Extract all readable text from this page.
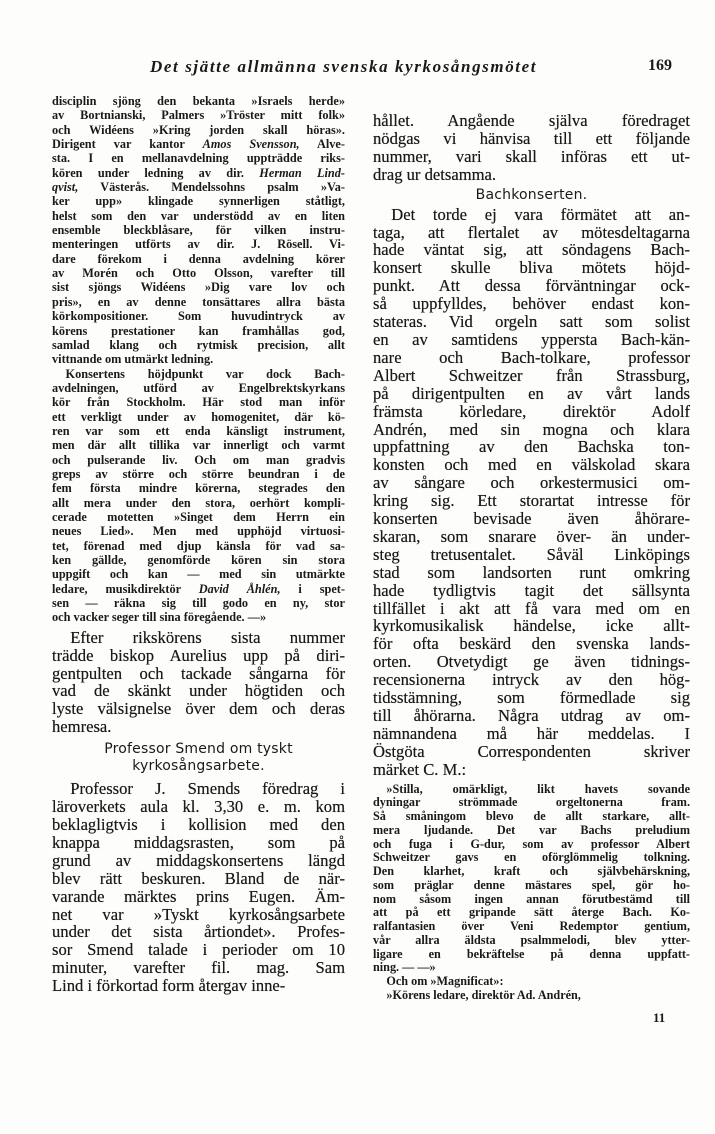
Det sjätte allmänna svenska kyrkosångsmötet	169
disciplin sjöng den bekanta »Israels herde»
av Bortnianski, Palmers »Tröster mitt folk»
och Widéens »Kring jorden skall höras».
Dirigent var kantor Amos Svensson, Alve-
sta. I en mellanavdelning uppträdde riks-
kören under ledning av dir. Herman Lind-
qvist, Västerås. Mendelssohns psalm »Va-
ker upp» klingade synnerligen ståtligt,
helst som den var understödd av en liten
ensemble bleckblåsare, för vilken instru-
menteringen utförts av dir. J. Rösell. Vi-
dare förekom i denna avdelning körer
av Morén och Otto Olsson, varefter till
sist sjöngs Widéens »Dig vare lov och
pris», en av denne tonsättares allra bästa
körkompositioner. Som huvudintryck av
körens prestationer kan framhållas god,
samlad klang och rytmisk precision, allt
vittnande om utmärkt ledning.
Konsertens höjdpunkt var dock Bach-
avdelningen, utförd av Engelbrektskyrkans
kör från Stockholm. Här stod man inför
ett verkligt under av homogenitet, där kö-
ren var som ett enda känsligt instrument,
men där allt tillika var innerligt och varmt
och pulserande liv. Och om man gradvis
greps av större och större beundran i de
fem första mindre körerna, stegrades den
allt mera under den stora, oerhört kompli-
cerade motetten »Singet dem Herrn ein
neues Lied». Men med upphöjd virtuosi-
tet, förenad med djup känsla för vad sa-
ken gällde, genomförde kören sin stora
uppgift och kan — med sin utmärkte
ledare, musikdirektör David Åhlén, i spet-
sen — räkna sig till godo en ny, stor
och vacker seger till sina föregående. —»
Efter rikskörens sista nummer
trädde biskop Aurelius upp på diri-
gentpulten och tackade sångarna för
vad de skänkt under högtiden och
lyste välsignelse över dem och deras
hemresa.
Professor Smend om tyskt
kyrkosångsarbete.
Professor J. Smends föredrag i
läroverkets aula kl. 3,30 e. m. kom
beklagligtvis i kollision med den
knappa middagsrasten, som på
grund av middagskonsertens längd
blev rätt beskuren. Bland de när-
varande märktes prins Eugen. Äm-
net var »Tyskt kyrkosångsarbete
under det sista årtiondet». Profes-
sor Smend talade i perioder om 10
minuter, varefter fil. mag. Sam
Lind i förkortad form återgav inne-
hållet. Angående själva föredraget
nödgas vi hänvisa till ett följande
nummer, vari skall införas ett ut-
drag ur detsamma.
Bachkonserten.
Det torde ej vara förmätet att an-
taga, att flertalet av mötesdeltagarna
hade väntat sig, att söndagens Bach-
konsert skulle bliva mötets höjd-
punkt. Att dessa förväntningar ock-
så uppfylldes, behöver endast kon-
stateras. Vid orgeln satt som solist
en av samtidens yppersta Bach-kän-
nare och Bach-tolkare, professor
Albert Schweitzer från Strassburg,
på dirigentpulten en av vårt lands
främsta körledare, direktör Adolf
Andrén, med sin mogna och klara
uppfattning av den Bachska ton-
konsten och med en välskolad skara
av sångare och orkestermusici om-
kring sig. Ett storartat intresse för
konserten bevisade även åhörare-
skaran, som snarare över- än under-
steg tretusentalet. Såväl Linköpings
stad som landsorten runt omkring
hade tydligtvis tagit det sällsynta
tillfället i akt att få vara med om en
kyrkomusikalisk händelse, icke allt-
för ofta beskärd den svenska lands-
orten. Otvetydigt ge även tidnings-
recensionerna intryck av den hög-
tidsstämning, som förmedlade sig
till åhörarna. Några utdrag av om-
nämnandena må här meddelas. I
Östgöta Correspondenten skriver
märket C. M.:
»Stilla, omärkligt, likt havets sovande
dyningar strömmade orgeltonerna fram.
Så småningom blevo de allt starkare, allt-
mera ljudande. Det var Bachs preludium
och fuga i G-dur, som av professor Albert
Schweitzer gavs en oförglömmelig tolkning.
Den klarhet, kraft och självbehärskning,
som präglar denne mästares spel, gör ho-
nom såsom ingen annan förutbestämd till
att på ett gripande sätt återge Bach. Ko-
ralfantasien över Veni Redemptor gentium,
vår allra äldsta psalmmelodi, blev ytter-
ligare en bekräftelse på denna uppfatt-
ning. — —»
Och om »Magnificat»:
»Körens ledare, direktör Ad. Andrén,
11
